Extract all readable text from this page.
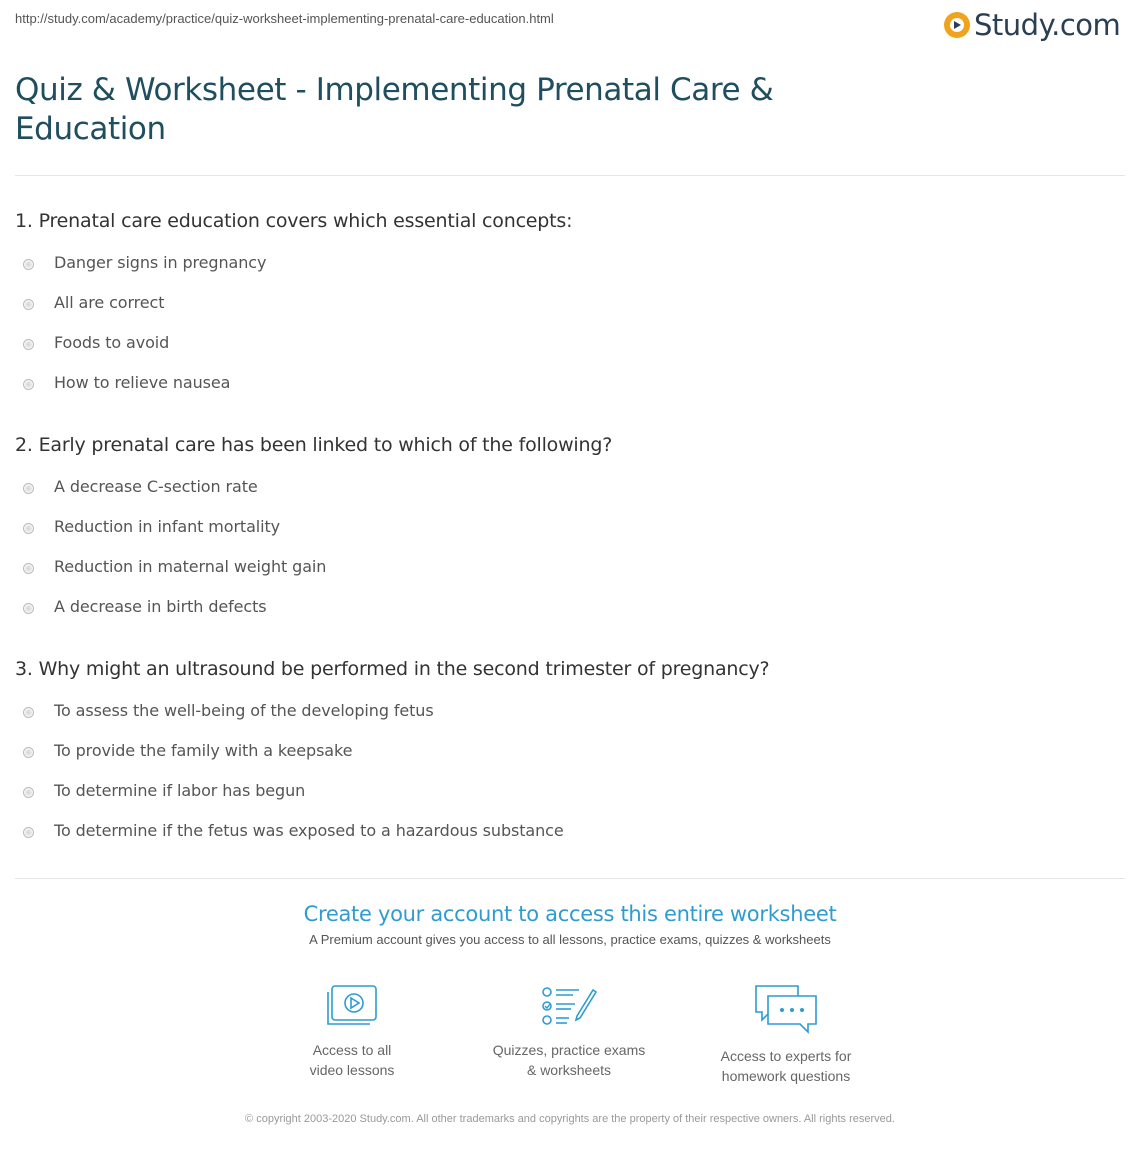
http://study.com/academy/practice/quiz-worksheet-implementing-prenatal-care-education.html	Study.com
Quiz & Worksheet - Implementing Prenatal Care & Education
1. Prenatal care education covers which essential concepts:
Danger signs in pregnancy
All are correct
Foods to avoid
How to relieve nausea
2. Early prenatal care has been linked to which of the following?
A decrease C-section rate
Reduction in infant mortality
Reduction in maternal weight gain
A decrease in birth defects
3. Why might an ultrasound be performed in the second trimester of pregnancy?
To assess the well-being of the developing fetus
To provide the family with a keepsake
To determine if labor has begun
To determine if the fetus was exposed to a hazardous substance
Create your account to access this entire worksheet
A Premium account gives you access to all lessons, practice exams, quizzes & worksheets
Access to all
video lessons
Quizzes, practice exams
& worksheets
Access to experts for
homework questions
© copyright 2003-2020 Study.com. All other trademarks and copyrights are the property of their respective owners. All rights reserved.
